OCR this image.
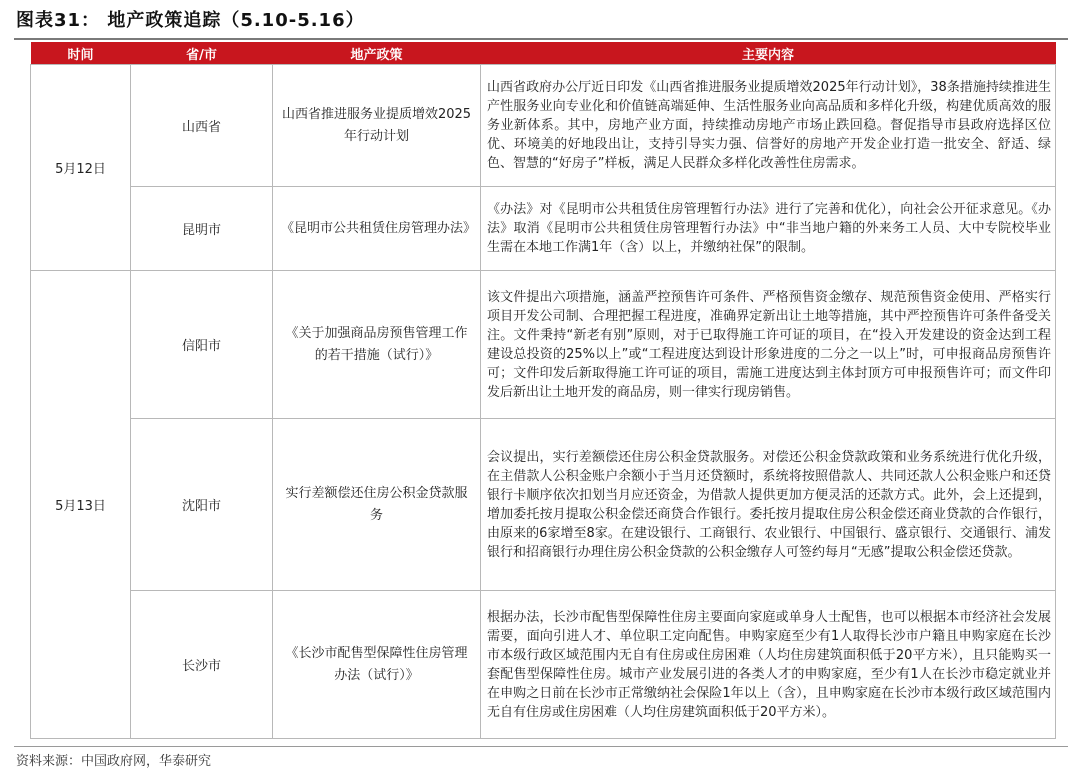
图表31： 地产政策追踪（5.10-5.16）
时间	省/市	地产政策	主要内容
5月12日	山西省	山西省推进服务业提质增效2025年行动计划	山西省政府办公厅近日印发《山西省推进服务业提质增效2025年行动计划》，38条措施持续推进生产性服务业向专业化和价值链高端延伸、生活性服务业向高品质和多样化升级，构建优质高效的服务业新体系。其中，房地产业方面，持续推动房地产市场止跌回稳。督促指导市县政府选择区位优、环境美的好地段出让，支持引导实力强、信誉好的房地产开发企业打造一批安全、舒适、绿色、智慧的“好房子”样板，满足人民群众多样化改善性住房需求。
	昆明市	《昆明市公共租赁住房管理办法》	《办法》对《昆明市公共租赁住房管理暂行办法》进行了完善和优化），向社会公开征求意见。《办法》取消《昆明市公共租赁住房管理暂行办法》中“非当地户籍的外来务工人员、大中专院校毕业生需在本地工作满1年（含）以上，并缴纳社保”的限制。
5月13日	信阳市	《关于加强商品房预售管理工作的若干措施（试行）》	该文件提出六项措施，涵盖严控预售许可条件、严格预售资金缴存、规范预售资金使用、严格实行项目开发公司制、合理把握工程进度，准确界定新出让土地等措施，其中严控预售许可条件备受关注。文件秉持“新老有别”原则，对于已取得施工许可证的项目，在“投入开发建设的资金达到工程建设总投资的25%以上”或“工程进度达到设计形象进度的二分之一以上”时，可申报商品房预售许可；文件印发后新取得施工许可证的项目，需施工进度达到主体封顶方可申报预售许可；而文件印发后新出让土地开发的商品房，则一律实行现房销售。
	沈阳市	实行差额偿还住房公积金贷款服务	会议提出，实行差额偿还住房公积金贷款服务。对偿还公积金贷款政策和业务系统进行优化升级，在主借款人公积金账户余额小于当月还贷额时，系统将按照借款人、共同还款人公积金账户和还贷银行卡顺序依次扣划当月应还资金，为借款人提供更加方便灵活的还款方式。此外，会上还提到，增加委托按月提取公积金偿还商贷合作银行。委托按月提取住房公积金偿还商业贷款的合作银行，由原来的6家增至8家。在建设银行、工商银行、农业银行、中国银行、盛京银行、交通银行、浦发银行和招商银行办理住房公积金贷款的公积金缴存人可签约每月“无感”提取公积金偿还贷款。
	长沙市	《长沙市配售型保障性住房管理办法（试行）》	根据办法，长沙市配售型保障性住房主要面向家庭或单身人士配售，也可以根据本市经济社会发展需要，面向引进人才、单位职工定向配售。申购家庭至少有1人取得长沙市户籍且申购家庭在长沙市本级行政区域范围内无自有住房或住房困难（人均住房建筑面积低于20平方米），且只能购买一套配售型保障性住房。城市产业发展引进的各类人才的申购家庭，至少有1人在长沙市稳定就业并在申购之日前在长沙市正常缴纳社会保险1年以上（含），且申购家庭在长沙市本级行政区域范围内无自有住房或住房困难（人均住房建筑面积低于20平方米）。
资料来源：中国政府网，华泰研究
